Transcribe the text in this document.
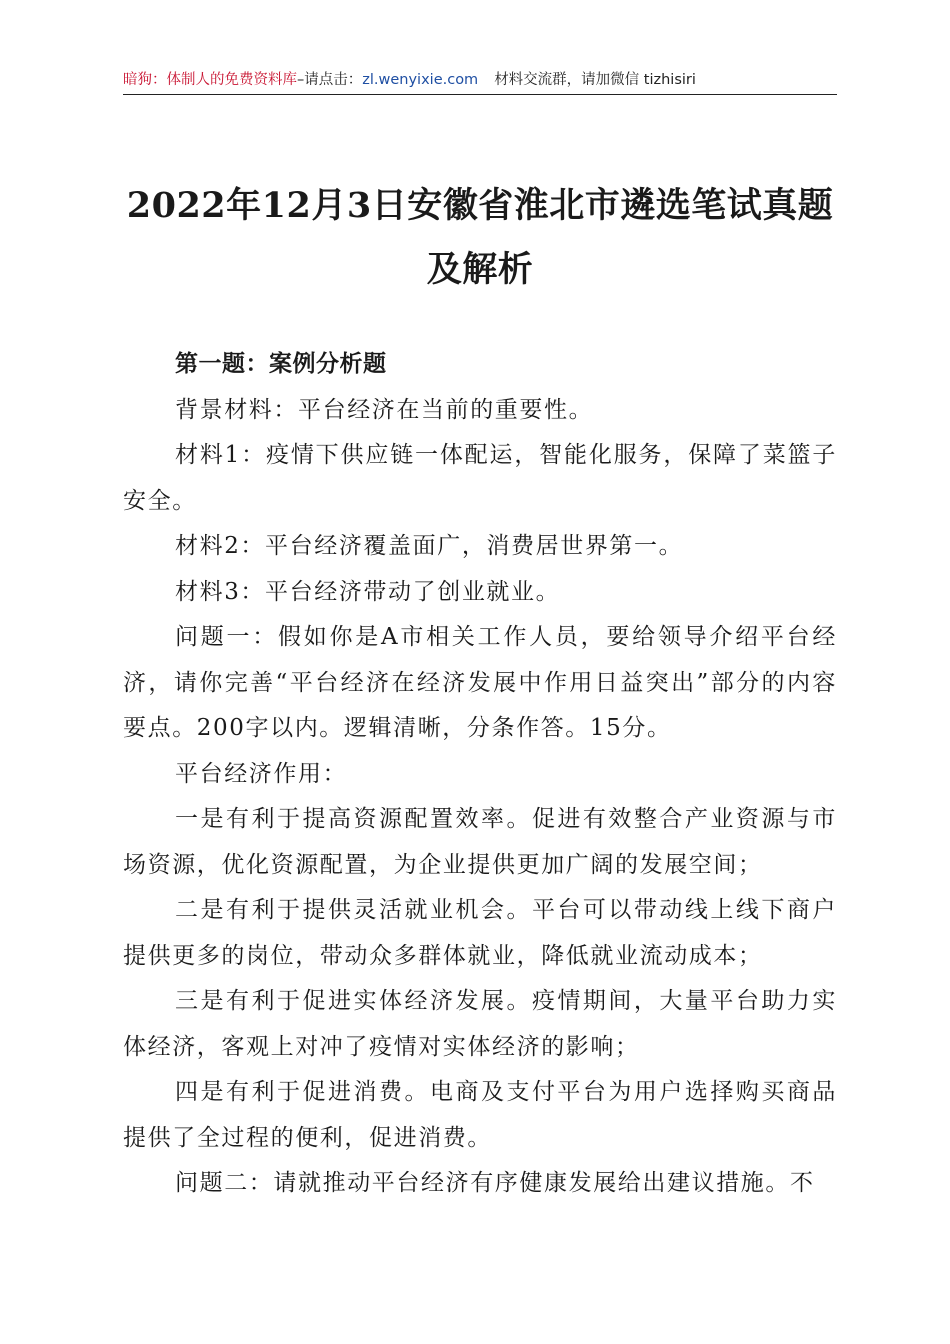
暗狗：体制人的免费资料库–请点击：zl.wenyixie.com 材料交流群，请加微信 tizhisiri
2022年12月3日安徽省淮北市遴选笔试真题
及解析

第一题：案例分析题

背景材料：平台经济在当前的重要性。

材料1：疫情下供应链一体配运，智能化服务，保障了菜篮子安全。

材料2：平台经济覆盖面广，消费居世界第一。

材料3：平台经济带动了创业就业。

问题一：假如你是A市相关工作人员，要给领导介绍平台经济，请你完善“平台经济在经济发展中作用日益突出”部分的内容要点。200字以内。逻辑清晰，分条作答。15分。

平台经济作用：

一是有利于提高资源配置效率。促进有效整合产业资源与市场资源，优化资源配置，为企业提供更加广阔的发展空间；

二是有利于提供灵活就业机会。平台可以带动线上线下商户提供更多的岗位，带动众多群体就业，降低就业流动成本；

三是有利于促进实体经济发展。疫情期间，大量平台助力实体经济，客观上对冲了疫情对实体经济的影响；

四是有利于促进消费。电商及支付平台为用户选择购买商品提供了全过程的便利，促进消费。

问题二：请就推动平台经济有序健康发展给出建议措施。不
